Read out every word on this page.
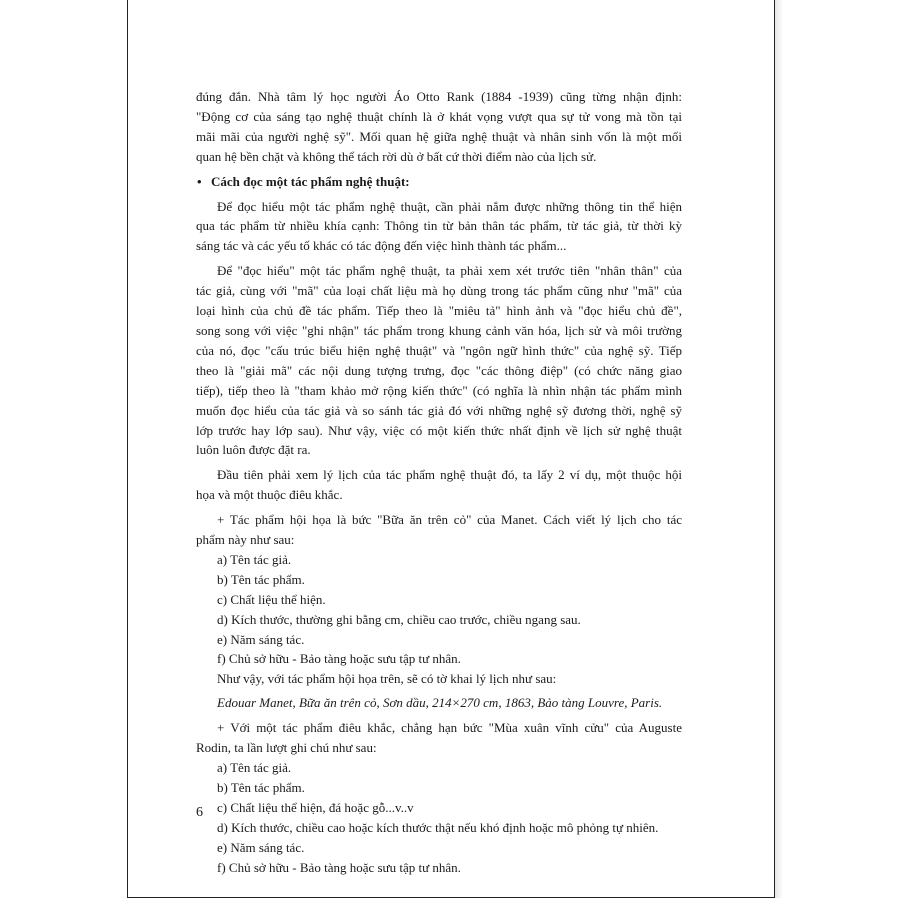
đúng đắn. Nhà tâm lý học người Áo Otto Rank (1884 -1939) cũng từng nhận định:

"Động cơ của sáng tạo nghệ thuật chính là ở khát vọng vượt qua sự tử vong mà tồn tại

mãi mãi của người nghệ sỹ". Mối quan hệ giữa nghệ thuật và nhân sinh vốn là một mối

quan hệ bền chặt và không thể tách rời dù ở bất cứ thời điểm nào của lịch sử.

• Cách đọc một tác phẩm nghệ thuật:

Để đọc hiểu một tác phẩm nghệ thuật, cần phải nắm được những thông tin thể hiện

qua tác phẩm từ nhiều khía cạnh: Thông tin từ bản thân tác phẩm, từ tác giả, từ thời kỳ

sáng tác và các yếu tố khác có tác động đến việc hình thành tác phẩm...

Để "đọc hiểu" một tác phẩm nghệ thuật, ta phải xem xét trước tiên "nhân thân" của

tác giả, cùng với "mã" của loại chất liệu mà họ dùng trong tác phẩm cũng như "mã" của

loại hình của chủ đề tác phẩm. Tiếp theo là "miêu tả" hình ảnh và "đọc hiểu chủ đề",

song song với việc "ghi nhận" tác phẩm trong khung cảnh văn hóa, lịch sử và môi trường

của nó, đọc "cấu trúc biểu hiện nghệ thuật" và "ngôn ngữ hình thức" của nghệ sỹ. Tiếp

theo là "giải mã" các nội dung tượng trưng, đọc "các thông điệp" (có chức năng giao

tiếp), tiếp theo là "tham khảo mở rộng kiến thức" (có nghĩa là nhìn nhận tác phẩm mình

muốn đọc hiểu của tác giả và so sánh tác giả đó với những nghệ sỹ đương thời, nghệ sỹ

lớp trước hay lớp sau). Như vậy, việc có một kiến thức nhất định về lịch sử nghệ thuật

luôn luôn được đặt ra.

Đầu tiên phải xem lý lịch của tác phẩm nghệ thuật đó, ta lấy 2 ví dụ, một thuộc hội

họa và một thuộc điêu khắc.

+ Tác phẩm hội họa là bức "Bữa ăn trên cỏ" của Manet. Cách viết lý lịch cho tác

phẩm này như sau:

a) Tên tác giả.

b) Tên tác phẩm.

c) Chất liệu thể hiện.

d) Kích thước, thường ghi bằng cm, chiều cao trước, chiều ngang sau.

e) Năm sáng tác.

f) Chủ sở hữu - Bảo tàng hoặc sưu tập tư nhân.

Như vậy, với tác phẩm hội họa trên, sẽ có tờ khai lý lịch như sau:

Edouar Manet, Bữa ăn trên cỏ, Sơn dầu, 214×270 cm, 1863, Bảo tàng Louvre, Paris.

+ Với một tác phẩm điêu khắc, chẳng hạn bức "Mùa xuân vĩnh cửu" của Auguste

Rodin, ta lần lượt ghi chú như sau:

a) Tên tác giả.

b) Tên tác phẩm.

c) Chất liệu thể hiện, đá hoặc gỗ...v..v

d) Kích thước, chiều cao hoặc kích thước thật nếu khó định hoặc mô phỏng tự nhiên.

e) Năm sáng tác.

f) Chủ sở hữu - Bảo tàng hoặc sưu tập tư nhân.

6
